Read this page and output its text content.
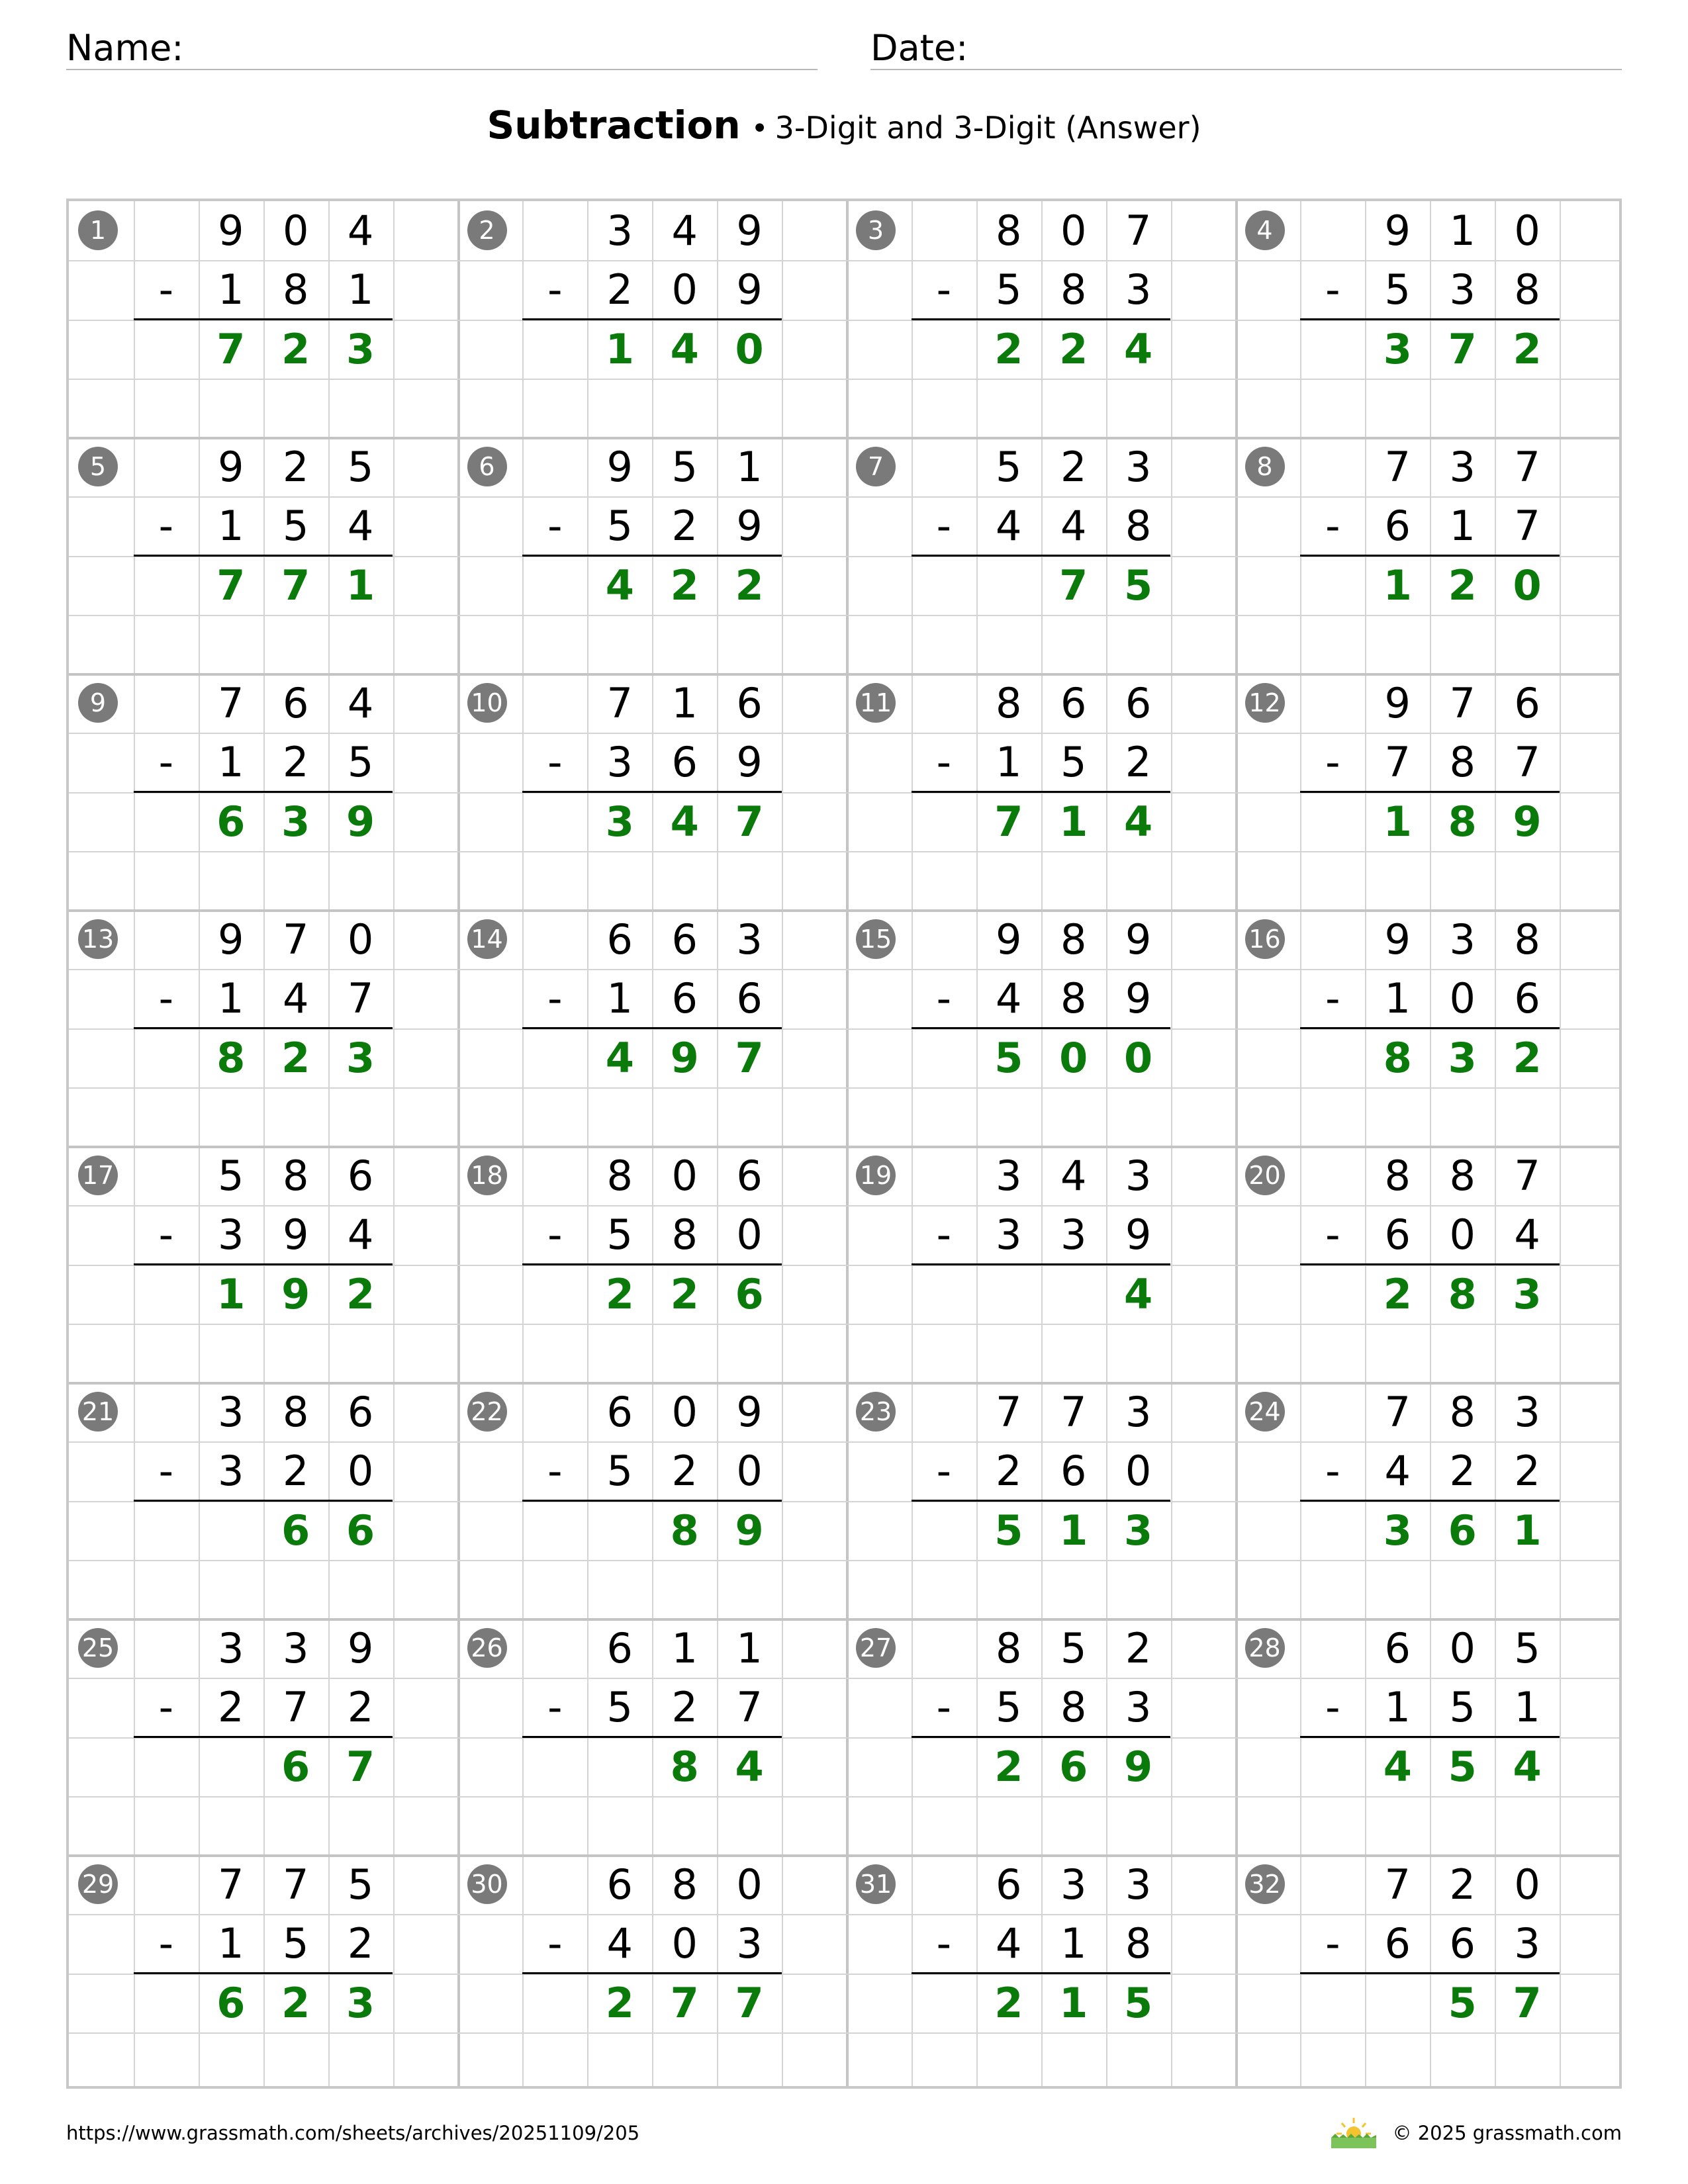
Name:	Date:
Subtraction • 3-Digit and 3-Digit (Answer)
1
-
9 0 4
1 8 1
7 2 3
2
-
3 4 9
2 0 9
1 4 0
3
-
8 0 7
5 8 3
2 2 4
4
-
9 1 0
5 3 8
3 7 2
5
-
9 2 5
1 5 4
7 7 1
6
-
9 5 1
5 2 9
4 2 2
7
-
5 2 3
4 4 8
7 5
8
-
7 3 7
6 1 7
1 2 0
9
-
7 6 4
1 2 5
6 3 9
10
-
7 1 6
3 6 9
3 4 7
11
-
8 6 6
1 5 2
7 1 4
12
-
9 7 6
7 8 7
1 8 9
13
-
9 7 0
1 4 7
8 2 3
14
-
6 6 3
1 6 6
4 9 7
15
-
9 8 9
4 8 9
5 0 0
16
-
9 3 8
1 0 6
8 3 2
17
-
5 8 6
3 9 4
1 9 2
18
-
8 0 6
5 8 0
2 2 6
19
-
3 4 3
3 3 9
4
20
-
8 8 7
6 0 4
2 8 3
21
-
3 8 6
3 2 0
6 6
22
-
6 0 9
5 2 0
8 9
23
-
7 7 3
2 6 0
5 1 3
24
-
7 8 3
4 2 2
3 6 1
25
-
3 3 9
2 7 2
6 7
26
-
6 1 1
5 2 7
8 4
27
-
8 5 2
5 8 3
2 6 9
28
-
6 0 5
1 5 1
4 5 4
29
-
7 7 5
1 5 2
6 2 3
30
-
6 8 0
4 0 3
2 7 7
31
-
6 3 3
4 1 8
2 1 5
32
-
7 2 0
6 6 3
5 7
https://www.grassmath.com/sheets/archives/20251109/205	© 2025 grassmath.com
